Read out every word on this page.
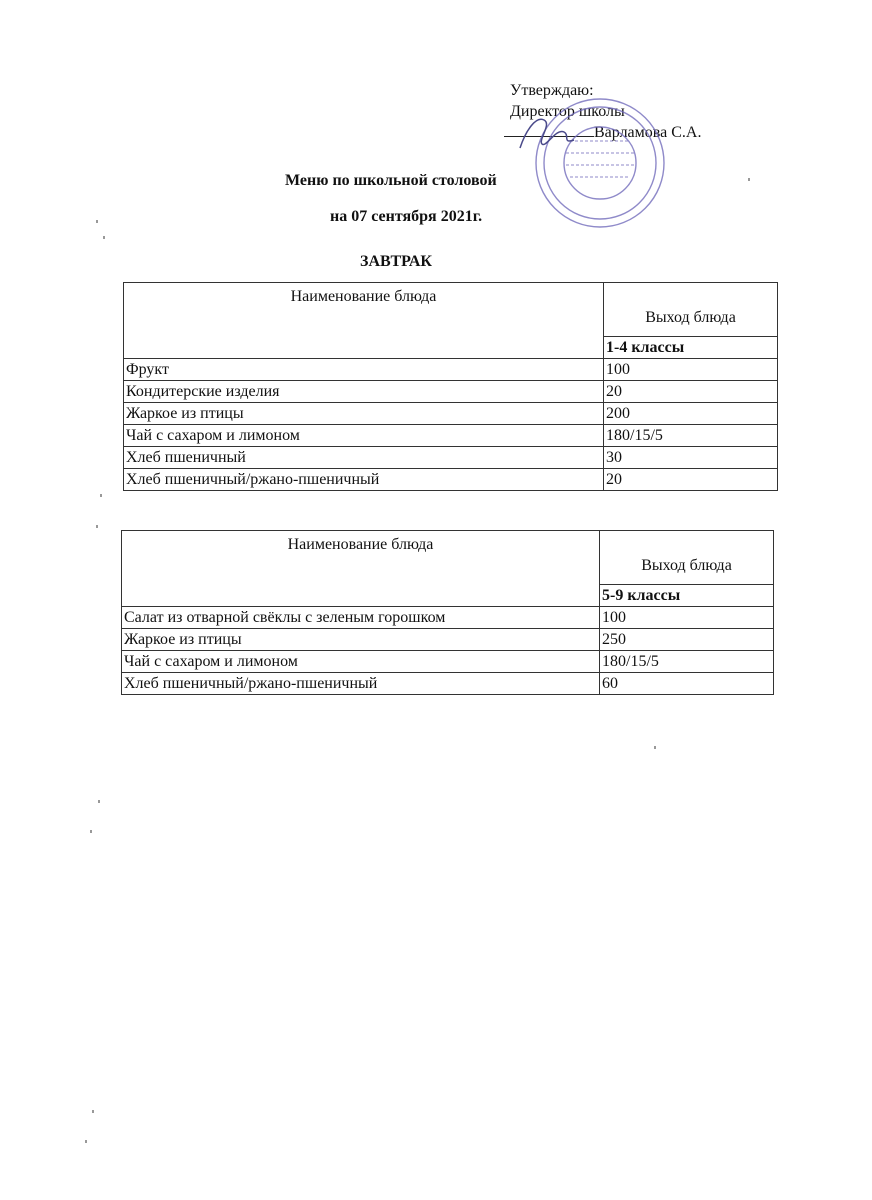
Утверждаю:
Директор школы
Варламова С.А.
Меню по школьной столовой
на 07 сентября 2021г.
ЗАВТРАК
Наименование блюда	Выход блюда
	1-4 классы
Фрукт	100
Кондитерские изделия	20
Жаркое из птицы	200
Чай с сахаром и лимоном	180/15/5
Хлеб пшеничный	30
Хлеб пшеничный/ржано-пшеничный	20
Наименование блюда	Выход блюда
	5-9 классы
Салат из отварной свёклы с зеленым горошком	100
Жаркое из птицы	250
Чай с сахаром и лимоном	180/15/5
Хлеб пшеничный/ржано-пшеничный	60
